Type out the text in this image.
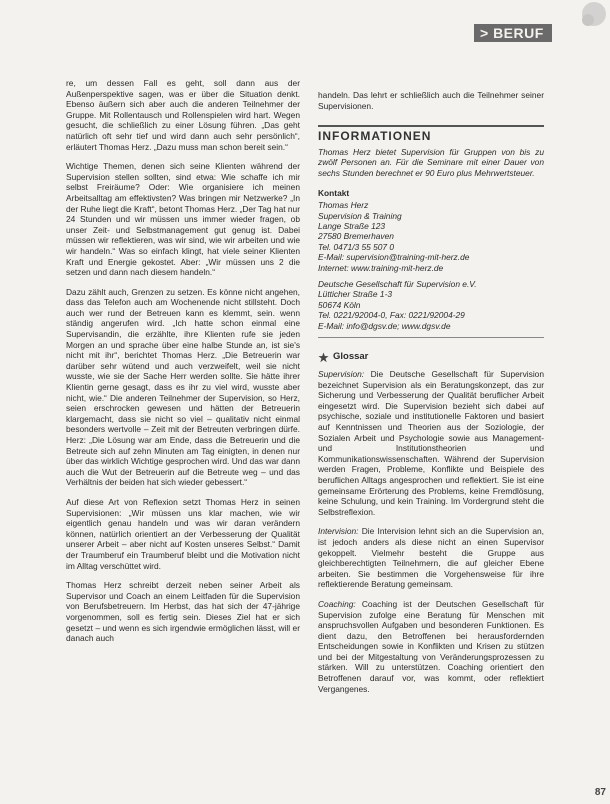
> BERUF

re, um dessen Fall es geht, soll dann aus der Außenperspektive sagen, was er über die Situation denkt. Ebenso äußern sich aber auch die anderen Teilnehmer der Gruppe. Mit Rollentausch und Rollenspielen wird hart. Wegen gesucht, die schließlich zu einer Lösung führen. „Das geht natürlich oft sehr tief und wird dann auch sehr persönlich“, erläutert Thomas Herz. „Dazu muss man schon bereit sein.“

Wichtige Themen, denen sich seine Klienten während der Supervision stellen sollten, sind etwa: Wie schaffe ich mir selbst Freiräume? Oder: Wie organisiere ich meinen Arbeitsalltag am effektivsten? Was bringen mir Netzwerke? „In der Ruhe liegt die Kraft“, betont Thomas Herz. „Der Tag hat nur 24 Stunden und wir müssen uns immer wieder fragen, ob unser Zeit- und Selbstmanagement gut genug ist. Dabei müssen wir reflektieren, was wir sind, wie wir arbeiten und wie wir handeln.“ Was so einfach klingt, hat viele seiner Klienten Kraft und Energie gekostet. Aber: „Wir müssen uns 2 die setzen und dann nach diesem handeln.“

Dazu zählt auch, Grenzen zu setzen. Es könne nicht angehen, dass das Telefon auch am Wochenende nicht stillsteht. Doch auch wer rund der Betreuen kann es klemmt, sein. wenn ständig angerufen wird. „Ich hatte schon einmal eine Supervisandin, die erzählte, ihre Klienten rufe sie jeden Morgen an und sprache über eine halbe Stunde an, ist sie's nicht mit ihr“, berichtet Thomas Herz. „Die Betreuerin war darüber sehr wütend und auch verzweifelt, weil sie nicht wusste, wie sie der Sache Herr werden sollte. Sie hätte ihrer Klientin gerne gesagt, dass es ihr zu viel wird, wusste aber nicht, wie.“ Die anderen Teilnehmer der Supervision, so Herz, seien erschrocken gewesen und hätten der Betreuerin klargemacht, dass sie nicht so viel – qualitativ nicht einmal besonders wertvolle – Zeit mit der Betreuten verbringen dürfe. Herz: „Die Lösung war am Ende, dass die Betreuerin und die Betreute sich auf zehn Minuten am Tag einigten, in denen nur über das wirklich Wichtige gesprochen wird. Und das war dann auch die Wut der Betreuerin auf die Betreute weg – und das Verhältnis der beiden hat sich wieder gebessert.“

Auf diese Art von Reflexion setzt Thomas Herz in seinen Supervisionen: „Wir müssen uns klar machen, wie wir eigentlich genau handeln und was wir daran verändern können, natürlich orientiert an der Verbesserung der Qualität unserer Arbeit – aber nicht auf Kosten unseres Selbst.“ Damit der Traumberuf ein Traumberuf bleibt und die Motivation nicht im Alltag verschüttet wird.

Thomas Herz schreibt derzeit neben seiner Arbeit als Supervisor und Coach an einem Leitfaden für die Supervision von Berufsbetreuern. Im Herbst, das hat sich der 47-jährige vorgenommen, soll es fertig sein. Dieses Ziel hat er sich gesetzt – und wenn es sich irgendwie ermöglichen lässt, will er danach auch

handeln. Das lehrt er schließlich auch die Teilnehmer seiner Supervisionen.

INFORMATIONEN

Thomas Herz bietet Supervision für Gruppen von bis zu zwölf Personen an. Für die Seminare mit einer Dauer von sechs Stunden berechnet er 90 Euro plus Mehrwertsteuer.

Kontakt
Thomas Herz
Supervision & Training
Lange Straße 123
27580 Bremerhaven
Tel. 0471/3 55 507 0
E-Mail: supervision@training-mit-herz.de
Internet: www.training-mit-herz.de
Deutsche Gesellschaft für Supervision e.V.
Lütticher Straße 1-3
50674 Köln
Tel. 0221/92004-0, Fax: 0221/92004-29
E-Mail: info@dgsv.de; www.dgsv.de
Glossar

Supervision: Die Deutsche Gesellschaft für Supervision bezeichnet Supervision als ein Beratungskonzept, das zur Sicherung und Verbesserung der Qualität beruflicher Arbeit eingesetzt wird. Die Supervision bezieht sich dabei auf psychische, soziale und institutionelle Faktoren und basiert auf Kenntnissen und Theorien aus der Soziologie, der Sozialen Arbeit und Psychologie sowie aus Management- und Institutionstheorien und Kommunikationswissenschaften. Während der Supervision werden Fragen, Probleme, Konflikte und Beispiele des beruflichen Alltags angesprochen und reflektiert. Sie ist eine gemeinsame Erörterung des Problems, keine Fremdlösung, keine Schulung, und kein Training. Im Vordergrund steht die Selbstreflexion.

Intervision: Die Intervision lehnt sich an die Supervision an, ist jedoch anders als diese nicht an einen Supervisor gekoppelt. Vielmehr besteht die Gruppe aus gleichberechtigten Teilnehmern, die auf gleicher Ebene arbeiten. Sie bestimmen die Vorgehensweise für ihre reflektierende Beratung gemeinsam.

Coaching: Coaching ist der Deutschen Gesellschaft für Supervision zufolge eine Beratung für Menschen mit anspruchsvollen Aufgaben und besonderen Funktionen. Es dient dazu, den Betroffenen bei herausfordernden Entscheidungen sowie in Konflikten und Krisen zu stützen und bei der Mitgestaltung von Veränderungsprozessen zu stärken. Will zu unterstützen. Coaching orientiert den Betroffenen darauf vor, was kommt, oder reflektiert Vergangenes.

87
